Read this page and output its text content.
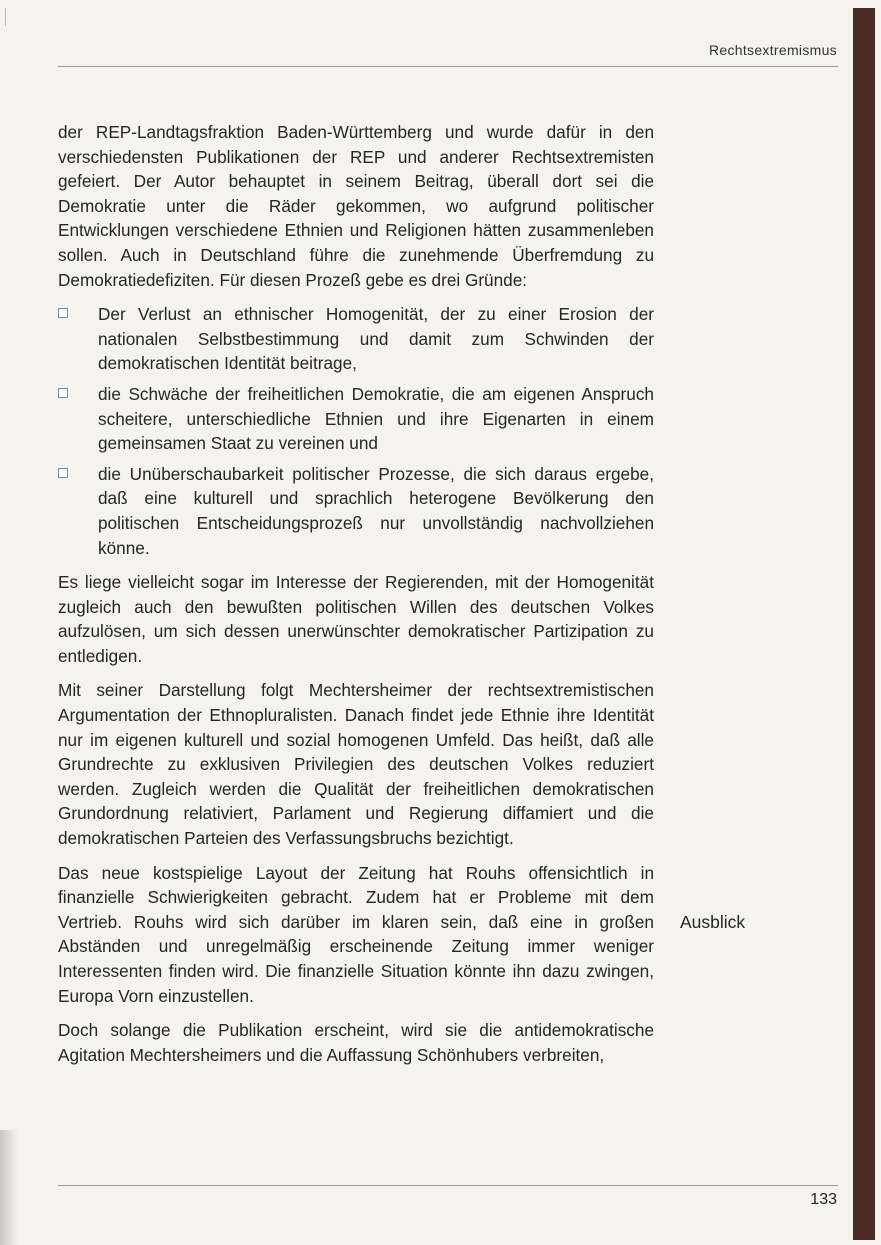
Rechtsextremismus

der REP-Landtagsfraktion Baden-Württemberg und wurde dafür in den verschiedensten Publikationen der REP und anderer Rechtsextremisten gefeiert. Der Autor behauptet in seinem Beitrag, überall dort sei die Demokratie unter die Räder gekommen, wo aufgrund politischer Entwicklungen verschiedene Ethnien und Religionen hätten zusammenleben sollen. Auch in Deutschland führe die zunehmende Überfremdung zu Demokratiedefiziten. Für diesen Prozeß gebe es drei Gründe:

Der Verlust an ethnischer Homogenität, der zu einer Erosion der nationalen Selbstbestimmung und damit zum Schwinden der demokratischen Identität beitrage,
die Schwäche der freiheitlichen Demokratie, die am eigenen Anspruch scheitere, unterschiedliche Ethnien und ihre Eigenarten in einem gemeinsamen Staat zu vereinen und
die Unüberschaubarkeit politischer Prozesse, die sich daraus ergebe, daß eine kulturell und sprachlich heterogene Bevölkerung den politischen Entscheidungsprozeß nur unvollständig nachvollziehen könne.

Es liege vielleicht sogar im Interesse der Regierenden, mit der Homogenität zugleich auch den bewußten politischen Willen des deutschen Volkes aufzulösen, um sich dessen unerwünschter demokratischer Partizipation zu entledigen.

Mit seiner Darstellung folgt Mechtersheimer der rechtsextremistischen Argumentation der Ethnopluralisten. Danach findet jede Ethnie ihre Identität nur im eigenen kulturell und sozial homogenen Umfeld. Das heißt, daß alle Grundrechte zu exklusiven Privilegien des deutschen Volkes reduziert werden. Zugleich werden die Qualität der freiheitlichen demokratischen Grundordnung relativiert, Parlament und Regierung diffamiert und die demokratischen Parteien des Verfassungsbruchs bezichtigt.

Das neue kostspielige Layout der Zeitung hat Rouhs offensichtlich in finanzielle Schwierigkeiten gebracht. Zudem hat er Probleme mit dem Vertrieb. Rouhs wird sich darüber im klaren sein, daß eine in großen Abständen und unregelmäßig erscheinende Zeitung immer weniger Interessenten finden wird. Die finanzielle Situation könnte ihn dazu zwingen, Europa Vorn einzustellen.

Doch solange die Publikation erscheint, wird sie die antidemokratische Agitation Mechtersheimers und die Auffassung Schönhubers verbreiten,

Ausblick
133
